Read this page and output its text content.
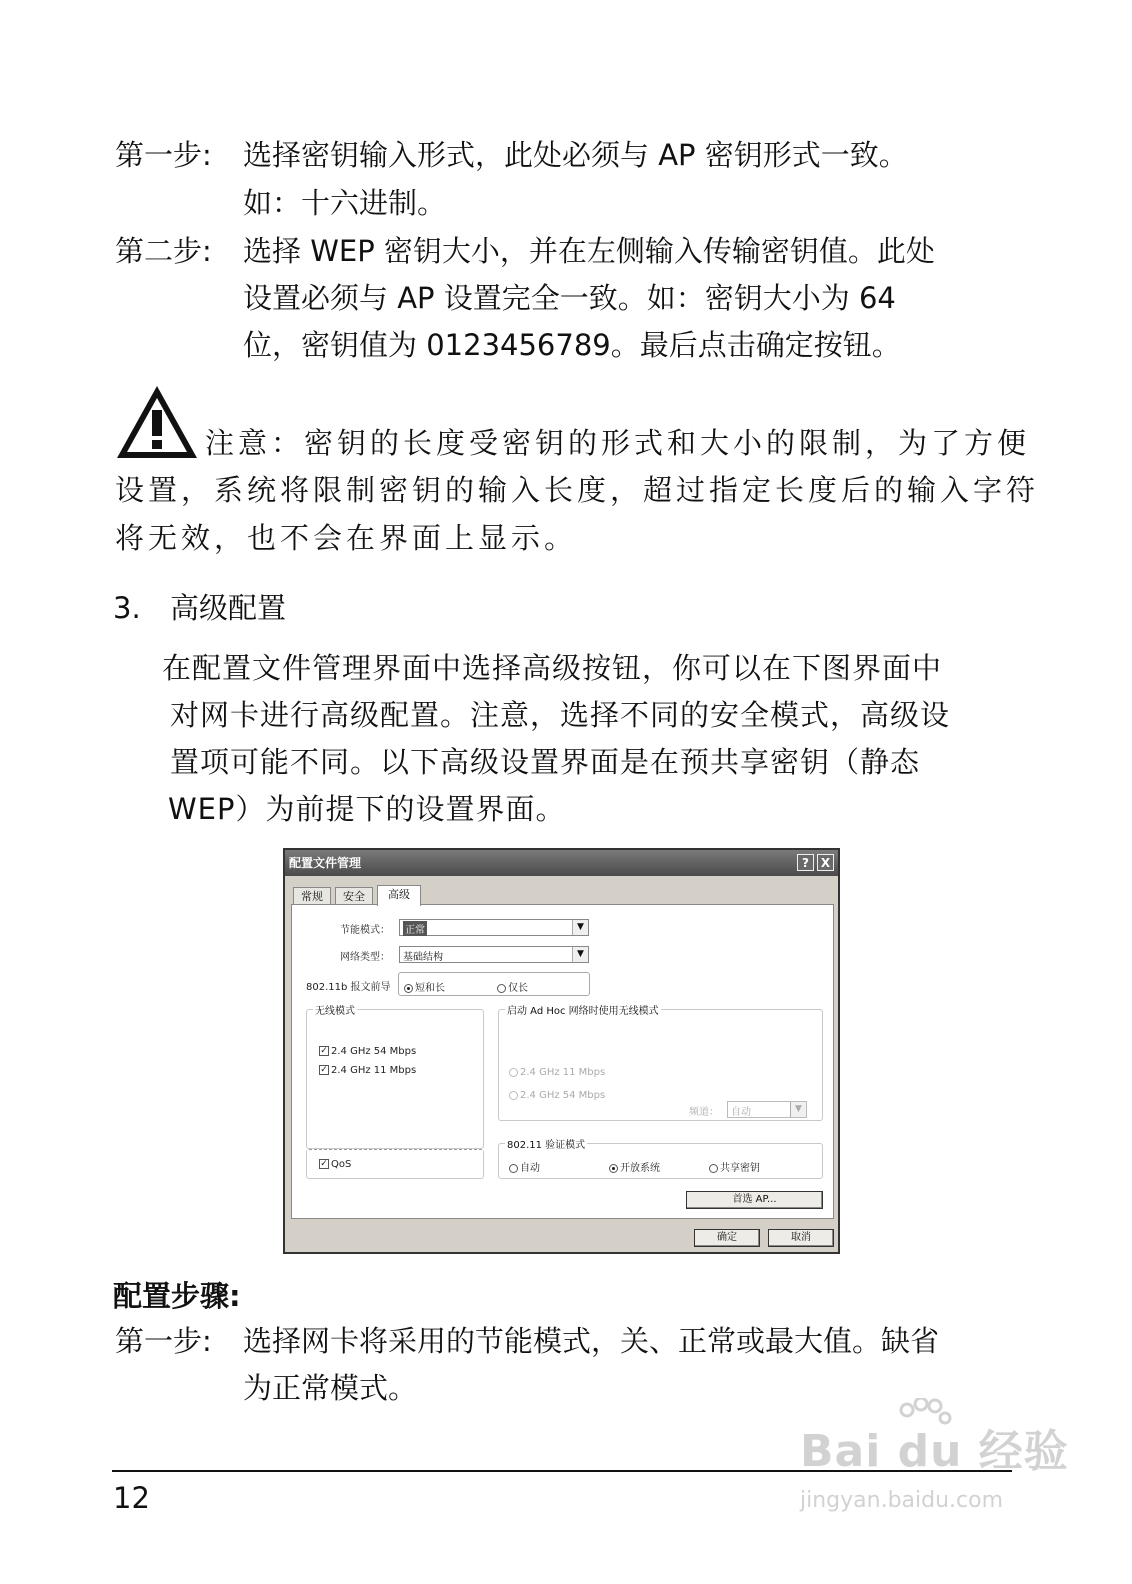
第一步: 选择密钥输入形式，此处必须与 AP 密钥形式一致。
如：十六进制。
第二步: 选择 WEP 密钥大小，并在左侧输入传输密钥值。此处
设置必须与 AP 设置完全一致。如：密钥大小为 64
位，密钥值为 0123456789。最后点击确定按钮。
注意：密钥的长度受密钥的形式和大小的限制，为了方便
设置，系统将限制密钥的输入长度，超过指定长度后的输入字符
将无效，也不会在界面上显示。
3. 高级配置
在配置文件管理界面中选择高级按钮，你可以在下图界面中
对网卡进行高级配置。注意，选择不同的安全模式，高级设
置项可能不同。以下高级设置界面是在预共享密钥（静态
WEP）为前提下的设置界面。
配置文件管理	? X
常规	安全	高级
节能模式： 正常	▼
网络类型： 基础结构	▼
802.11b 报文前导	短和长	仅长
无线模式
✓ 2.4 GHz 54 Mbps
✓ 2.4 GHz 11 Mbps
启动 Ad Hoc 网络时使用无线模式
2.4 GHz 11 Mbps
2.4 GHz 54 Mbps
频道： 自动	▼
✓ QoS
802.11 验证模式
自动	开放系统	共享密钥
首选 AP...
确定	取消
配置步骤:
第一步: 选择网卡将采用的节能模式，关、正常或最大值。缺省
为正常模式。
12
Bai du 经验
jingyan.baidu.com
